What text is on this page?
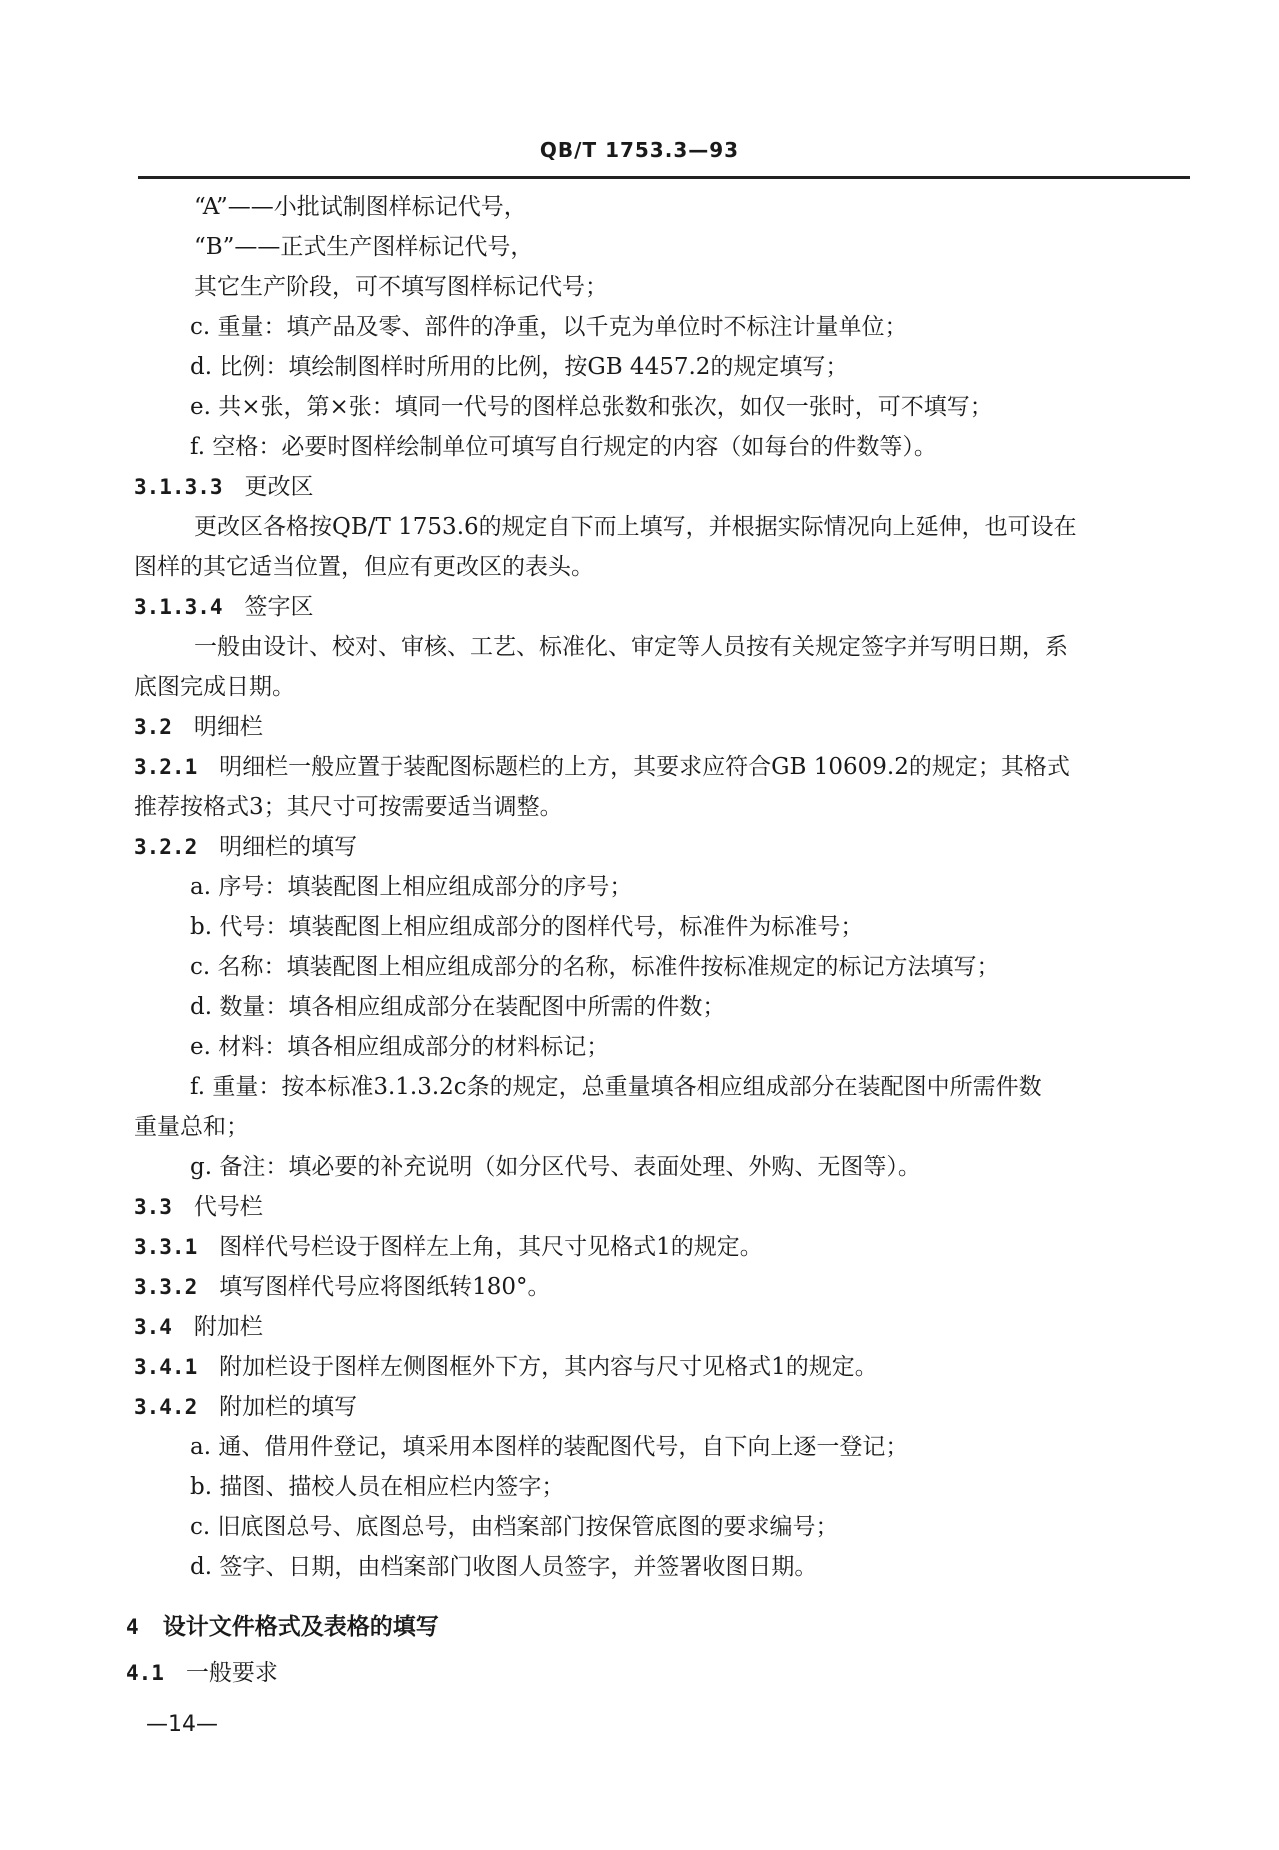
QB/T 1753.3—93
“A”——小批试制图样标记代号，
“B”——正式生产图样标记代号，
其它生产阶段，可不填写图样标记代号；
c. 重量：填产品及零、部件的净重，以千克为单位时不标注计量单位；
d. 比例：填绘制图样时所用的比例，按GB 4457.2的规定填写；
e. 共×张，第×张：填同一代号的图样总张数和张次，如仅一张时，可不填写；
f. 空格：必要时图样绘制单位可填写自行规定的内容（如每台的件数等）。
3.1.3.3 更改区
更改区各格按QB/T 1753.6的规定自下而上填写，并根据实际情况向上延伸，也可设在
图样的其它适当位置，但应有更改区的表头。
3.1.3.4 签字区
一般由设计、校对、审核、工艺、标准化、审定等人员按有关规定签字并写明日期，系
底图完成日期。
3.2 明细栏
3.2.1 明细栏一般应置于装配图标题栏的上方，其要求应符合GB 10609.2的规定；其格式
推荐按格式3；其尺寸可按需要适当调整。
3.2.2 明细栏的填写
a. 序号：填装配图上相应组成部分的序号；
b. 代号：填装配图上相应组成部分的图样代号，标准件为标准号；
c. 名称：填装配图上相应组成部分的名称，标准件按标准规定的标记方法填写；
d. 数量：填各相应组成部分在装配图中所需的件数；
e. 材料：填各相应组成部分的材料标记；
f. 重量：按本标准3.1.3.2c条的规定，总重量填各相应组成部分在装配图中所需件数
重量总和；
g. 备注：填必要的补充说明（如分区代号、表面处理、外购、无图等）。
3.3 代号栏
3.3.1 图样代号栏设于图样左上角，其尺寸见格式1的规定。
3.3.2 填写图样代号应将图纸转180°。
3.4 附加栏
3.4.1 附加栏设于图样左侧图框外下方，其内容与尺寸见格式1的规定。
3.4.2 附加栏的填写
a. 通、借用件登记，填采用本图样的装配图代号，自下向上逐一登记；
b. 描图、描校人员在相应栏内签字；
c. 旧底图总号、底图总号，由档案部门按保管底图的要求编号；
d. 签字、日期，由档案部门收图人员签字，并签署收图日期。
4 设计文件格式及表格的填写
4.1 一般要求
—14—
